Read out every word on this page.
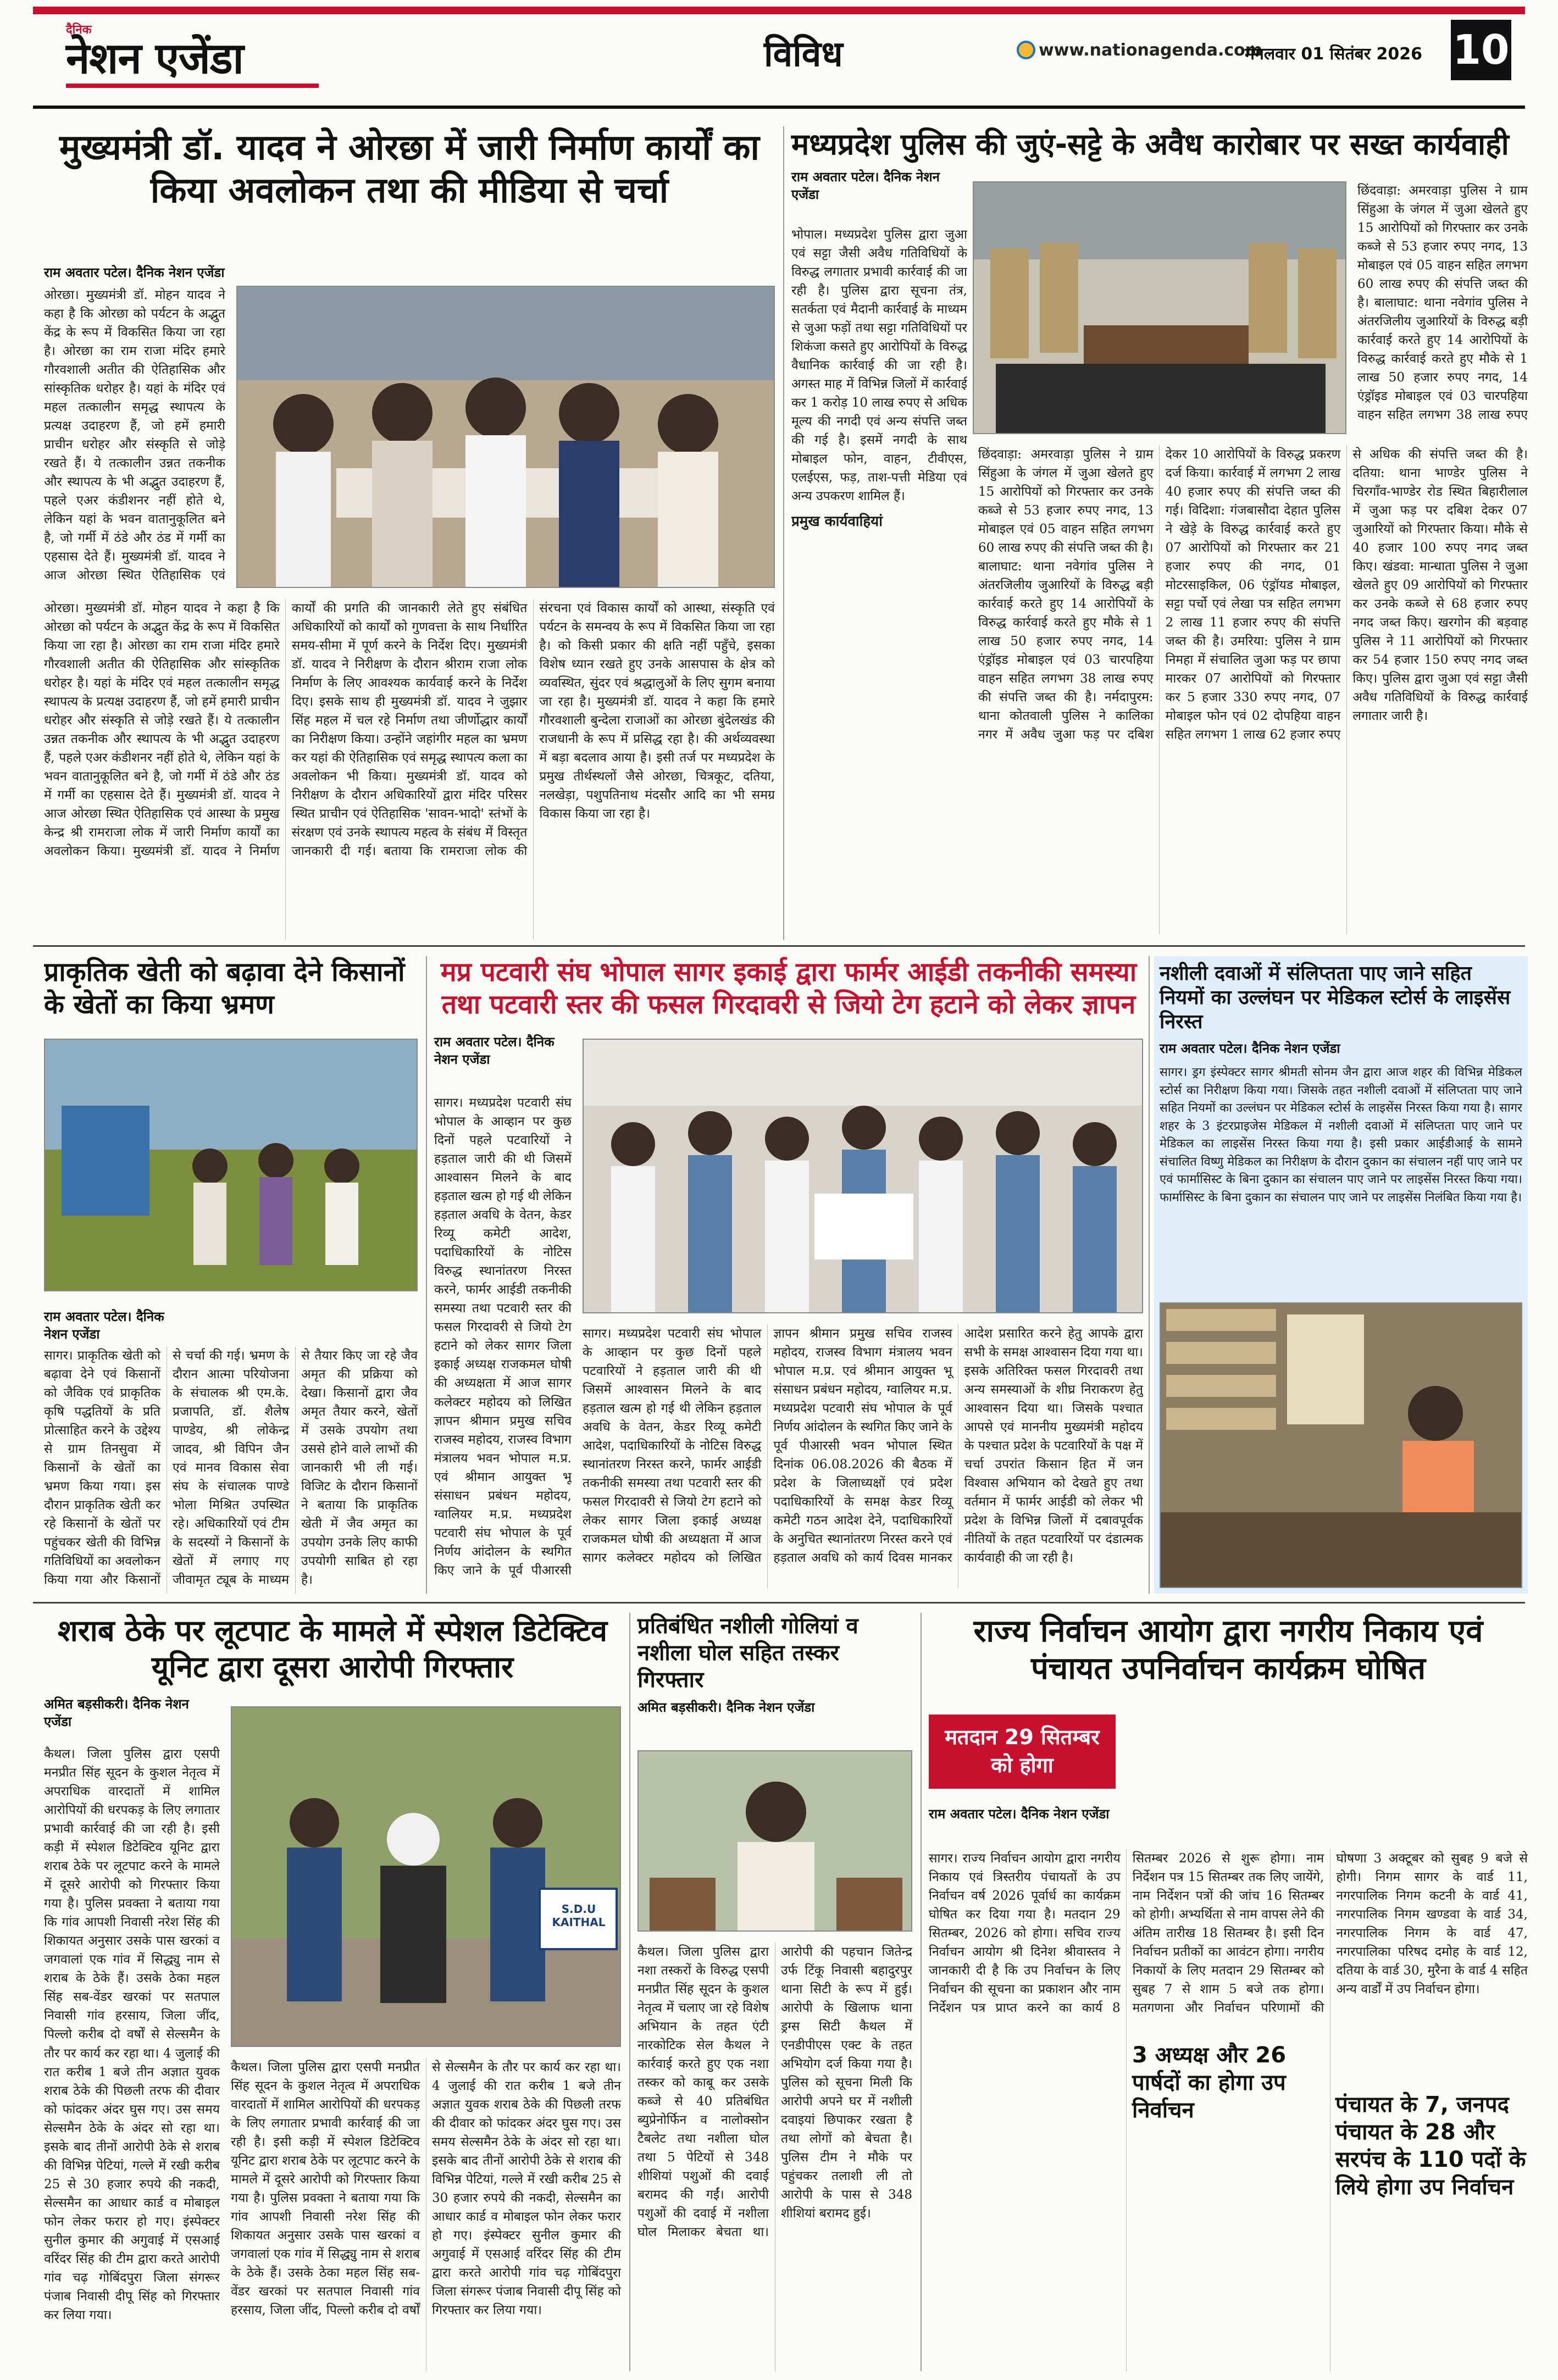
दैनिक
नेशन एजेंडा	विविध	www.nationagenda.com
मंगलवार 01 सितंबर 2026 10
मुख्यमंत्री डॉ. यादव ने ओरछा में जारी निर्माण कार्यों का किया अवलोकन तथा की मीडिया से चर्चा
राम अवतार पटेल। दैनिक नेशन एजेंडा
ओरछा। मुख्यमंत्री डॉ. मोहन यादव ने कहा है कि ओरछा को पर्यटन के अद्भुत केंद्र के रूप में विकसित किया जा रहा है। ओरछा का राम राजा मंदिर हमारे गौरवशाली अतीत की ऐतिहासिक और सांस्कृतिक धरोहर है। यहां के मंदिर एवं महल तत्कालीन समृद्ध स्थापत्य के प्रत्यक्ष उदाहरण हैं, जो हमें हमारी प्राचीन धरोहर और संस्कृति से जोड़े रखते हैं। ये तत्कालीन उन्नत तकनीक और स्थापत्य के भी अद्भुत उदाहरण हैं, पहले एअर कंडीशनर नहीं होते थे, लेकिन यहां के भवन वातानुकूलित बने है, जो गर्मी में ठंडे और ठंड में गर्मी का एहसास देते हैं। मुख्यमंत्री डॉ. यादव ने आज ओरछा स्थित ऐतिहासिक एवं आस्था के प्रमुख केन्द्र श्री रामराजा लोक में जारी निर्माण कार्यों का अवलोकन किया। मुख्यमंत्री डॉ. यादव ने निर्माण कार्यों की प्रगति की जानकारी लेते हुए संबंधित अधिकारियों को कार्यों को गुणवत्ता के साथ निर्धारित समय-सीमा में पूर्ण करने के निर्देश दिए। मुख्यमंत्री डॉ. यादव ने निरीक्षण के दौरान श्रीराम राजा लोक निर्माण के लिए आवश्यक कार्यवाई करने के निर्देश दिए। इसके साथ ही मुख्यमंत्री डॉ. यादव ने जुझार सिंह महल में चल रहे निर्माण तथा जीर्णोद्धार कार्यों का निरीक्षण किया। उन्होंने जहांगीर महल का भ्रमण कर यहां की ऐतिहासिक एवं समृद्ध स्थापत्य कला का अवलोकन भी किया। मुख्यमंत्री डॉ. यादव को निरीक्षण के दौरान अधिकारियों द्वारा मंदिर परिसर स्थित प्राचीन एवं ऐतिहासिक 'सावन-भादो' स्तंभों के संरक्षण एवं उनके स्थापत्य महत्व के संबंध में विस्तृत जानकारी दी गई। बताया कि रामराजा लोक की संरचना एवं विकास कार्यों को आस्था, संस्कृति एवं पर्यटन के समन्वय के रूप में विकसित किया जा रहा है। को किसी प्रकार की क्षति नहीं पहुँचे, इसका विशेष ध्यान रखते हुए उनके आसपास के क्षेत्र को व्यवस्थित, सुंदर एवं श्रद्धालुओं के लिए सुगम बनाया जा रहा है। मुख्यमंत्री डॉ. यादव ने कहा कि हमारे गौरवशाली बुन्देला राजाओं का ओरछा बुंदेलखंड की राजधानी के रूप में प्रसिद्ध रहा है। की अर्थव्यवस्था में बड़ा बदलाव आया है। इसी तर्ज पर मध्यप्रदेश के प्रमुख तीर्थस्थलों जैसे ओरछा, चित्रकूट, दतिया, नलखेड़ा, पशुपतिनाथ मंदसौर आदि का भी समग्र विकास किया जा रहा है।
ओरछा। मुख्यमंत्री डॉ. मोहन यादव ने कहा है कि ओरछा को पर्यटन के अद्भुत केंद्र के रूप में विकसित किया जा रहा है। ओरछा का राम राजा मंदिर हमारे गौरवशाली अतीत की ऐतिहासिक और सांस्कृतिक धरोहर है। यहां के मंदिर एवं महल तत्कालीन समृद्ध स्थापत्य के प्रत्यक्ष उदाहरण हैं, जो हमें हमारी प्राचीन धरोहर और संस्कृति से जोड़े रखते हैं। ये तत्कालीन उन्नत तकनीक और स्थापत्य के भी अद्भुत उदाहरण हैं, पहले एअर कंडीशनर नहीं होते थे, लेकिन यहां के भवन वातानुकूलित बने है, जो गर्मी में ठंडे और ठंड में गर्मी का एहसास देते हैं। मुख्यमंत्री डॉ. यादव ने आज ओरछा स्थित ऐतिहासिक एवं
मध्यप्रदेश पुलिस की जुएं-सट्टे के अवैध कारोबार पर सख्त कार्यवाही
राम अवतार पटेल। दैनिक नेशन एजेंडा

भोपाल। मध्यप्रदेश पुलिस द्वारा जुआ एवं सट्टा जैसी अवैध गतिविधियों के विरुद्ध लगातार प्रभावी कार्रवाई की जा रही है। पुलिस द्वारा सूचना तंत्र, सतर्कता एवं मैदानी कार्रवाई के माध्यम से जुआ फड़ों तथा सट्टा गतिविधियों पर शिकंजा कसते हुए आरोपियों के विरुद्ध वैधानिक कार्रवाई की जा रही है। अगस्त माह में विभिन्न जिलों में कार्रवाई कर 1 करोड़ 10 लाख रुपए से अधिक मूल्य की नगदी एवं अन्य संपत्ति जब्त की गई है। इसमें नगदी के साथ मोबाइल फोन, वाहन, टीवीएस, एलईएस, फड़, ताश-पत्ती मेडिया एवं अन्य उपकरण शामिल हैं।

प्रमुख कार्यवाहियां
छिंदवाड़ा: अमरवाड़ा पुलिस ने ग्राम सिंहुआ के जंगल में जुआ खेलते हुए 15 आरोपियों को गिरफ्तार कर उनके कब्जे से 53 हजार रुपए नगद, 13 मोबाइल एवं 05 वाहन सहित लगभग 60 लाख रुपए की संपत्ति जब्त की है। बालाघाट: थाना नवेगांव पुलिस ने अंतरजिलीय जुआरियों के विरुद्ध बड़ी कार्रवाई करते हुए 14 आरोपियों के विरुद्ध कार्रवाई करते हुए मौके से 1 लाख 50 हजार रुपए नगद, 14 एंड्रॉइड मोबाइल एवं 03 चारपहिया वाहन सहित लगभग 38 लाख रुपए की संपत्ति जब्त की है। नर्मदापुरम: थाना कोतवाली पुलिस ने कालिका नगर में अवैध जुआ फड़ पर दबिश देकर 10 आरोपियों के विरुद्ध प्रकरण दर्ज किया। कार्रवाई में लगभग 2 लाख 40 हजार रुपए की संपत्ति जब्त की गई। विदिशा: गंजबासौदा देहात पुलिस ने खेड़े के विरुद्ध कार्रवाई करते हुए 07 आरोपियों को गिरफ्तार कर 21 हजार रुपए की नगद, 01 मोटरसाइकिल, 06 एंड्रॉयड मोबाइल, सट्टा पर्चो एवं लेखा पत्र सहित लगभग 2 लाख 11 हजार रुपए की संपत्ति जब्त की है। उमरिया: पुलिस ने ग्राम निमहा में संचालित जुआ फड़ पर छापा मारकर 07 आरोपियों को गिरफ्तार कर 5 हजार 330 रुपए नगद, 07 मोबाइल फोन एवं 02 दोपहिया वाहन सहित लगभग 1 लाख 62 हजार रुपए से अधिक की संपत्ति जब्त की है। दतिया: थाना भाण्डेर पुलिस ने चिरगाँव-भाण्डेर रोड स्थित बिहारीलाल में जुआ फड़ पर दबिश देकर 07 जुआरियों को गिरफ्तार किया। मौके से 40 हजार 100 रुपए नगद जब्त किए। खंडवा: मान्धाता पुलिस ने जुआ खेलते हुए 09 आरोपियों को गिरफ्तार कर उनके कब्जे से 68 हजार रुपए नगद जब्त किए। खरगोन की बड़वाह पुलिस ने 11 आरोपियों को गिरफ्तार कर 54 हजार 150 रुपए नगद जब्त किए। पुलिस द्वारा जुआ एवं सट्टा जैसी अवैध गतिविधियों के विरुद्ध कार्रवाई लगातार जारी है।
छिंदवाड़ा: अमरवाड़ा पुलिस ने ग्राम सिंहुआ के जंगल में जुआ खेलते हुए 15 आरोपियों को गिरफ्तार कर उनके कब्जे से 53 हजार रुपए नगद, 13 मोबाइल एवं 05 वाहन सहित लगभग 60 लाख रुपए की संपत्ति जब्त की है। बालाघाट: थाना नवेगांव पुलिस ने अंतरजिलीय जुआरियों के विरुद्ध बड़ी कार्रवाई करते हुए 14 आरोपियों के विरुद्ध कार्रवाई करते हुए मौके से 1 लाख 50 हजार रुपए नगद, 14 एंड्रॉइड मोबाइल एवं 03 चारपहिया वाहन सहित लगभग 38 लाख रुपए
प्राकृतिक खेती को बढ़ावा देने किसानों के खेतों का किया भ्रमण
राम अवतार पटेल। दैनिक नेशन एजेंडा
सागर। प्राकृतिक खेती को बढ़ावा देने एवं किसानों को जैविक एवं प्राकृतिक कृषि पद्धतियों के प्रति प्रोत्साहित करने के उद्देश्य से ग्राम तिनसुवा में किसानों के खेतों का भ्रमण किया गया। इस दौरान प्राकृतिक खेती कर रहे किसानों के खेतों पर पहुंचकर खेती की विभिन्न गतिविधियों का अवलोकन किया गया और किसानों से चर्चा की गई। भ्रमण के दौरान आत्मा परियोजना के संचालक श्री एम.के. प्रजापति, डॉ. शैलेष पाण्डेय, श्री लोकेन्द्र जादव, श्री विपिन जैन एवं मानव विकास सेवा संघ के संचालक पाण्डे भोला मिश्रित उपस्थित रहे। अधिकारियों एवं टीम के सदस्यों ने किसानों के खेतों में लगाए गए जीवामृत ट्यूब के माध्यम से तैयार किए जा रहे जैव अमृत की प्रक्रिया को देखा। किसानों द्वारा जैव अमृत तैयार करने, खेतों में उसके उपयोग तथा उससे होने वाले लाभों की जानकारी भी ली गई। विजिट के दौरान किसानों ने बताया कि प्राकृतिक खेती में जैव अमृत का उपयोग उनके लिए काफी उपयोगी साबित हो रहा है।
मप्र पटवारी संघ भोपाल सागर इकाई द्वारा फार्मर आईडी तकनीकी समस्या तथा पटवारी स्तर की फसल गिरदावरी से जियो टेग हटाने को लेकर ज्ञापन
राम अवतार पटेल। दैनिक नेशन एजेंडा
सागर। मध्यप्रदेश पटवारी संघ भोपाल के आव्हान पर कुछ दिनों पहले पटवारियों ने हड़ताल जारी की थी जिसमें आश्वासन मिलने के बाद हड़ताल खत्म हो गई थी लेकिन हड़ताल अवधि के वेतन, केडर रिव्यू कमेटी आदेश, पदाधिकारियों के नोटिस विरुद्ध स्थानांतरण निरस्त करने, फार्मर आईडी तकनीकी समस्या तथा पटवारी स्तर की फसल गिरदावरी से जियो टेग हटाने को लेकर सागर जिला इकाई अध्यक्ष राजकमल घोषी की अध्यक्षता में आज सागर कलेक्टर महोदय को लिखित ज्ञापन श्रीमान प्रमुख सचिव राजस्व महोदय, राजस्व विभाग मंत्रालय भवन भोपाल म.प्र. एवं श्रीमान आयुक्त भू संसाधन प्रबंधन महोदय, ग्वालियर म.प्र. मध्यप्रदेश पटवारी संघ भोपाल के पूर्व निर्णय आंदोलन के स्थगित किए जाने के पूर्व पीआरसी
सागर। मध्यप्रदेश पटवारी संघ भोपाल के आव्हान पर कुछ दिनों पहले पटवारियों ने हड़ताल जारी की थी जिसमें आश्वासन मिलने के बाद हड़ताल खत्म हो गई थी लेकिन हड़ताल अवधि के वेतन, केडर रिव्यू कमेटी आदेश, पदाधिकारियों के नोटिस विरुद्ध स्थानांतरण निरस्त करने, फार्मर आईडी तकनीकी समस्या तथा पटवारी स्तर की फसल गिरदावरी से जियो टेग हटाने को लेकर सागर जिला इकाई अध्यक्ष राजकमल घोषी की अध्यक्षता में आज सागर कलेक्टर महोदय को लिखित ज्ञापन श्रीमान प्रमुख सचिव राजस्व महोदय, राजस्व विभाग मंत्रालय भवन भोपाल म.प्र. एवं श्रीमान आयुक्त भू संसाधन प्रबंधन महोदय, ग्वालियर म.प्र. मध्यप्रदेश पटवारी संघ भोपाल के पूर्व निर्णय आंदोलन के स्थगित किए जाने के पूर्व पीआरसी भवन भोपाल स्थित दिनांक 06.08.2026 की बैठक में प्रदेश के जिलाध्यक्षों एवं प्रदेश पदाधिकारियों के समक्ष केडर रिव्यू कमेटी गठन आदेश देने, पदाधिकारियों के अनुचित स्थानांतरण निरस्त करने एवं हड़ताल अवधि को कार्य दिवस मानकर आदेश प्रसारित करने हेतु आपके द्वारा सभी के समक्ष आश्वासन दिया गया था। इसके अतिरिक्त फसल गिरदावरी तथा अन्य समस्याओं के शीघ्र निराकरण हेतु आश्वासन दिया था। जिसके पश्चात आपसे एवं माननीय मुख्यमंत्री महोदय के पश्चात प्रदेश के पटवारियों के पक्ष में चर्चा उपरांत किसान हित में जन विश्वास अभियान को देखते हुए तथा वर्तमान में फार्मर आईडी को लेकर भी प्रदेश के विभिन्न जिलों में दबावपूर्वक नीतियों के तहत पटवारियों पर दंडात्मक कार्यवाही की जा रही है।
नशीली दवाओं में संलिप्तता पाए जाने सहित नियमों का उल्लंघन पर मेडिकल स्टोर्स के लाइसेंस निरस्त
राम अवतार पटेल। दैनिक नेशन एजेंडा
सागर। ड्रग इंस्पेक्टर सागर श्रीमती सोनम जैन द्वारा आज शहर की विभिन्न मेडिकल स्टोर्स का निरीक्षण किया गया। जिसके तहत नशीली दवाओं में संलिप्तता पाए जाने सहित नियमों का उल्लंघन पर मेडिकल स्टोर्स के लाइसेंस निरस्त किया गया है। सागर शहर के 3 इंटरप्राइजेस मेडिकल में नशीली दवाओं में संलिप्तता पाए जाने पर मेडिकल का लाइसेंस निरस्त किया गया है। इसी प्रकार आईडीआई के सामने संचालित विष्णु मेडिकल का निरीक्षण के दौरान दुकान का संचालन नहीं पाए जाने पर एवं फार्मासिस्ट के बिना दुकान का संचालन पाए जाने पर लाइसेंस निरस्त किया गया। फार्मासिस्ट के बिना दुकान का संचालन पाए जाने पर लाइसेंस निलंबित किया गया है।
शराब ठेके पर लूटपाट के मामले में स्पेशल डिटेक्टिव यूनिट द्वारा दूसरा आरोपी गिरफ्तार
अमित बड़सीकरी। दैनिक नेशन एजेंडा
S.D.U KAITHAL
कैथल। जिला पुलिस द्वारा एसपी मनप्रीत सिंह सूदन के कुशल नेतृत्व में अपराधिक वारदातों में शामिल आरोपियों की धरपकड़ के लिए लगातार प्रभावी कार्रवाई की जा रही है। इसी कड़ी में स्पेशल डिटेक्टिव यूनिट द्वारा शराब ठेके पर लूटपाट करने के मामले में दूसरे आरोपी को गिरफ्तार किया गया है। पुलिस प्रवक्ता ने बताया गया कि गांव आपशी निवासी नरेश सिंह की शिकायत अनुसार उसके पास खरकां व जगवालां एक गांव में सिद्ध्यु नाम से शराब के ठेके हैं। उसके ठेका महल सिंह सब-वेंडर खरकां पर सतपाल निवासी गांव हरसाय, जिला जींद, पिल्लो करीब दो वर्षों से सेल्समैन के तौर पर कार्य कर रहा था। 4 जुलाई की रात करीब 1 बजे तीन अज्ञात युवक शराब ठेके की पिछली तरफ की दीवार को फांदकर अंदर घुस गए। उस समय सेल्समैन ठेके के अंदर सो रहा था। इसके बाद तीनों आरोपी ठेके से शराब की विभिन्न पेटियां, गल्ले में रखी करीब 25 से 30 हजार रुपये की नकदी, सेल्समैन का आधार कार्ड व मोबाइल फोन लेकर फरार हो गए। इंस्पेक्टर सुनील कुमार की अगुवाई में एसआई वरिंदर सिंह की टीम द्वारा करते आरोपी गांव चढ़ गोबिंदपुरा जिला संगरूर पंजाब निवासी दीपू सिंह को गिरफ्तार कर लिया गया।
कैथल। जिला पुलिस द्वारा एसपी मनप्रीत सिंह सूदन के कुशल नेतृत्व में अपराधिक वारदातों में शामिल आरोपियों की धरपकड़ के लिए लगातार प्रभावी कार्रवाई की जा रही है। इसी कड़ी में स्पेशल डिटेक्टिव यूनिट द्वारा शराब ठेके पर लूटपाट करने के मामले में दूसरे आरोपी को गिरफ्तार किया गया है। पुलिस प्रवक्ता ने बताया गया कि गांव आपशी निवासी नरेश सिंह की शिकायत अनुसार उसके पास खरकां व जगवालां एक गांव में सिद्ध्यु नाम से शराब के ठेके हैं। उसके ठेका महल सिंह सब-वेंडर खरकां पर सतपाल निवासी गांव हरसाय, जिला जींद, पिल्लो करीब दो वर्षों से सेल्समैन के तौर पर कार्य कर रहा था। 4 जुलाई की रात करीब 1 बजे तीन अज्ञात युवक शराब ठेके की पिछली तरफ की दीवार को फांदकर अंदर घुस गए। उस समय सेल्समैन ठेके के अंदर सो रहा था। इसके बाद तीनों आरोपी ठेके से शराब की विभिन्न पेटियां, गल्ले में रखी करीब 25 से 30 हजार रुपये की नकदी, सेल्समैन का आधार कार्ड व मोबाइल फोन लेकर फरार हो गए। इंस्पेक्टर सुनील कुमार की अगुवाई में एसआई वरिंदर सिंह की टीम द्वारा करते आरोपी गांव चढ़ गोबिंदपुरा जिला संगरूर पंजाब निवासी दीपू सिंह को गिरफ्तार कर लिया गया।
प्रतिबंधित नशीली गोलियां व नशीला घोल सहित तस्कर गिरफ्तार
अमित बड़सीकरी। दैनिक नेशन एजेंडा
कैथल। जिला पुलिस द्वारा नशा तस्करों के विरुद्ध एसपी मनप्रीत सिंह सूदन के कुशल नेतृत्व में चलाए जा रहे विशेष अभियान के तहत एंटी नारकोटिक सेल कैथल ने कार्रवाई करते हुए एक नशा तस्कर को काबू कर उसके कब्जे से 40 प्रतिबंधित ब्युप्रेनोर्फिन व नालोक्सोन टैबलेट तथा नशीला घोल तथा 5 पेटियों से 348 शीशियां पशुओं की दवाई बरामद की गईं। आरोपी पशुओं की दवाई में नशीला घोल मिलाकर बेचता था। आरोपी की पहचान जितेन्द्र उर्फ टिंकू निवासी बहादुरपुर थाना सिटी के रूप में हुई। आरोपी के खिलाफ थाना ड्रग्स सिटी कैथल में एनडीपीएस एक्ट के तहत अभियोग दर्ज किया गया है। पुलिस को सूचना मिली कि आरोपी अपने घर में नशीली दवाइयां छिपाकर रखता है तथा लोगों को बेचता है। पुलिस टीम ने मौके पर पहुंचकर तलाशी ली तो आरोपी के पास से 348 शीशियां बरामद हुई।
राज्य निर्वाचन आयोग द्वारा नगरीय निकाय एवं पंचायत उपनिर्वाचन कार्यक्रम घोषित
मतदान 29 सितम्बर को होगा
राम अवतार पटेल। दैनिक नेशन एजेंडा
सागर। राज्य निर्वाचन आयोग द्वारा नगरीय निकाय एवं त्रिस्तरीय पंचायतों के उप निर्वाचन वर्ष 2026 पूर्वार्ध का कार्यक्रम घोषित कर दिया गया है। मतदान 29 सितम्बर, 2026 को होगा। सचिव राज्य निर्वाचन आयोग श्री दिनेश श्रीवास्तव ने जानकारी दी है कि उप निर्वाचन के लिए निर्वाचन की सूचना का प्रकाशन और नाम निर्देशन पत्र प्राप्त करने का कार्य 8 सितम्बर 2026 से शुरू होगा। नाम निर्देशन पत्र 15 सितम्बर तक लिए जायेंगे, नाम निर्देशन पत्रों की जांच 16 सितम्बर को होगी। अभ्यर्थिता से नाम वापस लेने की अंतिम तारीख 18 सितम्बर है। इसी दिन निर्वाचन प्रतीकों का आवंटन होगा। नगरीय निकायों के लिए मतदान 29 सितम्बर को सुबह 7 से शाम 5 बजे तक होगा। मतगणना और निर्वाचन परिणामों की घोषणा 3 अक्टूबर को सुबह 9 बजे से होगी। निगम सागर के वार्ड 11, नगरपालिक निगम कटनी के वार्ड 41, नगरपालिक निगम खण्डवा के वार्ड 34, नगरपालिक निगम के वार्ड 47, नगरपालिका परिषद दमोह के वार्ड 12, दतिया के वार्ड 30, मुरैना के वार्ड 4 सहित अन्य वार्डों में उप निर्वाचन होगा।
3 अध्यक्ष और 26 पार्षदों का होगा उप निर्वाचन	पंचायत के 7, जनपद पंचायत के 28 और सरपंच के 110 पदों के लिये होगा उप निर्वाचन
